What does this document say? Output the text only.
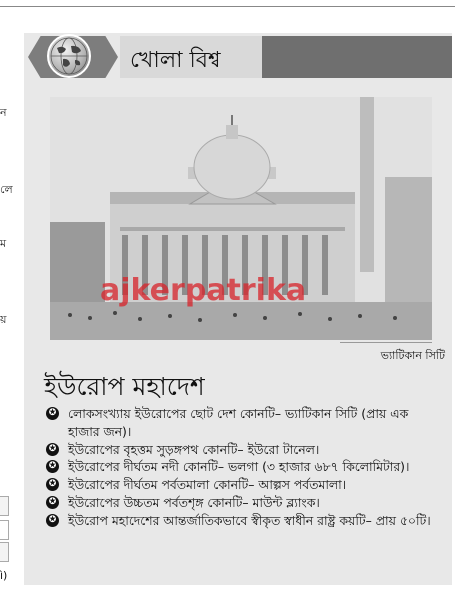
ন
লে
ম
য়
ì)
খোলা বিশ্ব
ajkerpatrika
ভ্যাটিকান সিটি
ইউরোপ মহাদেশ
✪ লোকসংখ্যায় ইউরোপের ছোট দেশ কোনটি– ভ্যাটিকান সিটি (প্রায় এক হাজার জন)।
✪ ইউরোপের বৃহত্তম সুড়ঙ্গপথ কোনটি– ইউরো টানেল।
✪ ইউরোপের দীর্ঘতম নদী কোনটি– ভলগা (৩ হাজার ৬৮৭ কিলোমিটার)।
✪ ইউরোপের দীর্ঘতম পর্বতমালা কোনটি– আল্পস পর্বতমালা।
✪ ইউরোপের উচ্চতম পর্বতশৃঙ্গ কোনটি– মাউন্ট ব্ল্যাংক।
✪ ইউরোপ মহাদেশের আন্তর্জাতিকভাবে স্বীকৃত স্বাধীন রাষ্ট্র কয়টি– প্রায় ৫০টি।
